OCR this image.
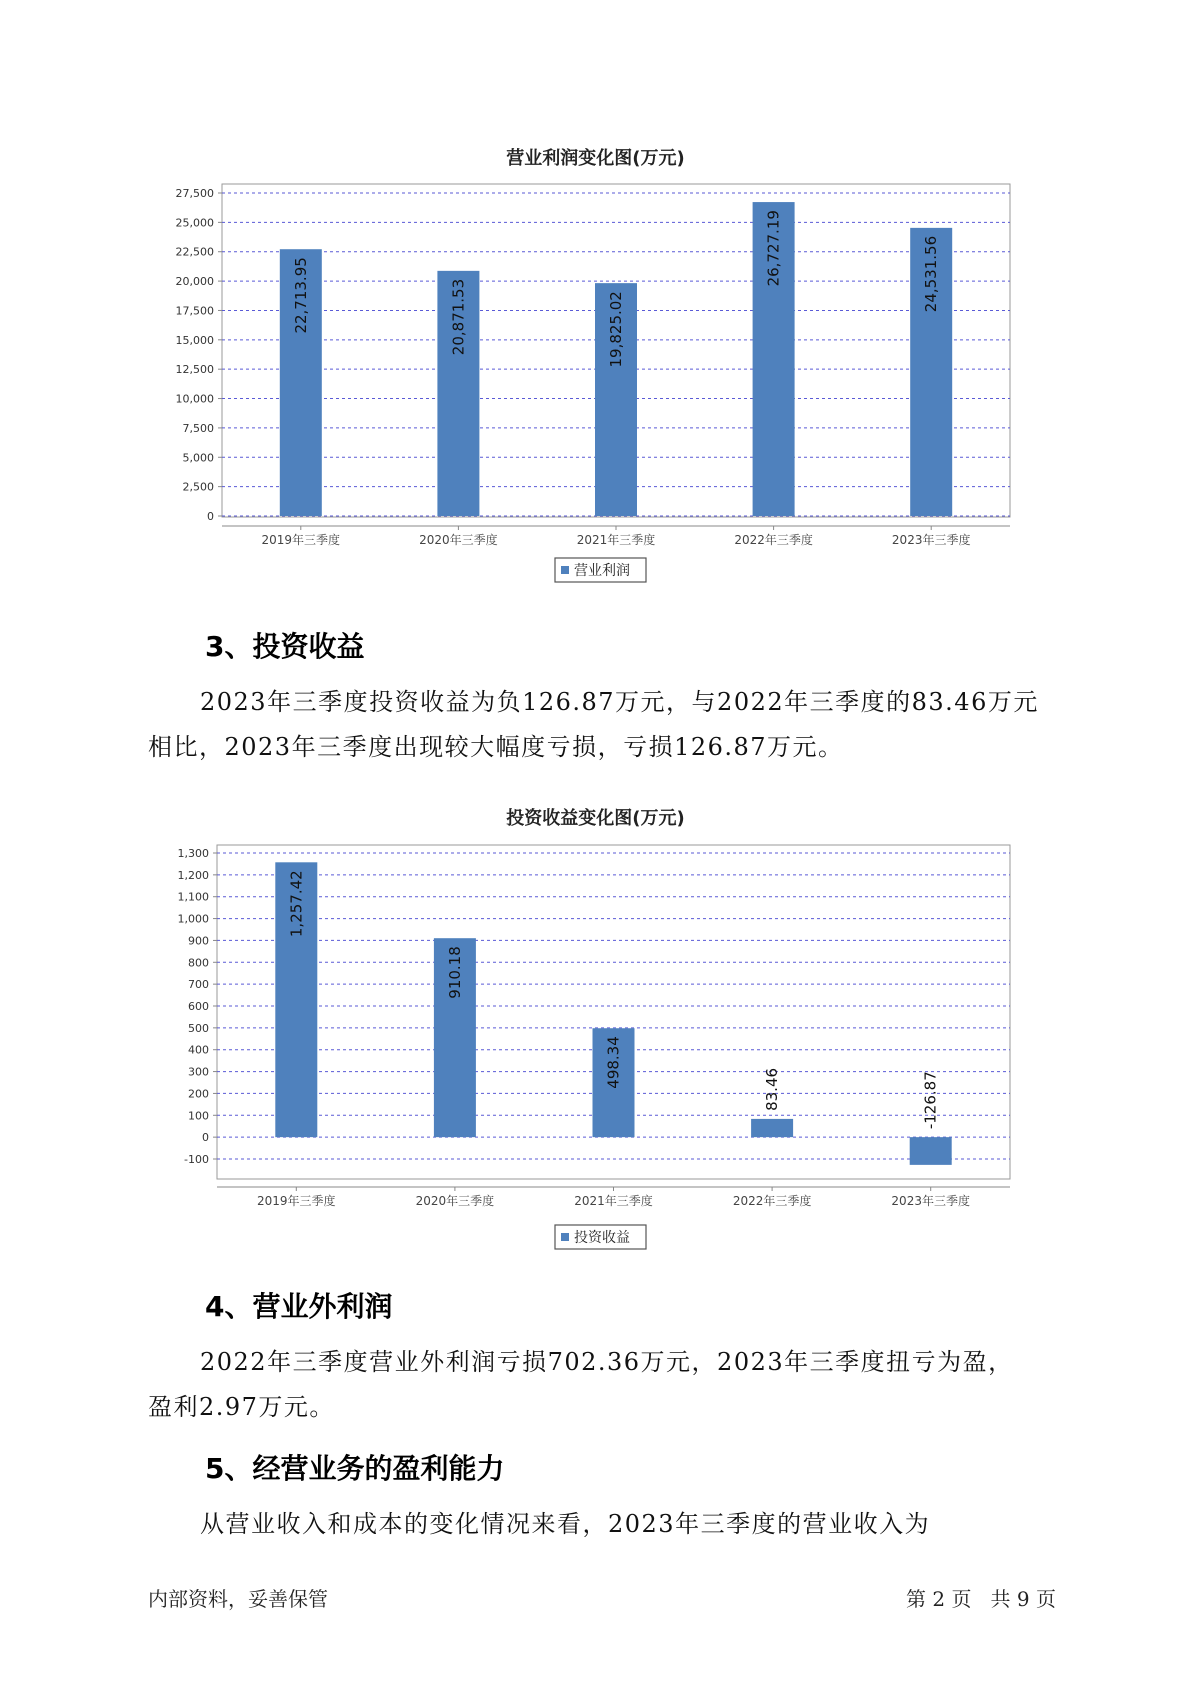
营业利润变化图(万元)
0
2,500
5,000
7,500
10,000
12,500
15,000
17,500
20,000
22,500
25,000
27,500
22,713.95
2019年三季度
20,871.53
2020年三季度
19,825.02
2021年三季度
26,727.19
2022年三季度
24,531.56
2023年三季度
营业利润
投资收益变化图(万元)
-100
0
100
200
300
400
500
600
700
800
900
1,000
1,100
1,200
1,300
1,257.42
2019年三季度
910.18
2020年三季度
498.34
2021年三季度
83.46
2022年三季度
-126.87
2023年三季度
投资收益
3、投资收益
2023年三季度投资收益为负126.87万元，与2022年三季度的83.46万元
相比，2023年三季度出现较大幅度亏损，亏损126.87万元。
4、营业外利润
2022年三季度营业外利润亏损702.36万元，2023年三季度扭亏为盈，
盈利2.97万元。
5、经营业务的盈利能力
从营业收入和成本的变化情况来看，2023年三季度的营业收入为
内部资料，妥善保管	第 2 页   共 9 页
